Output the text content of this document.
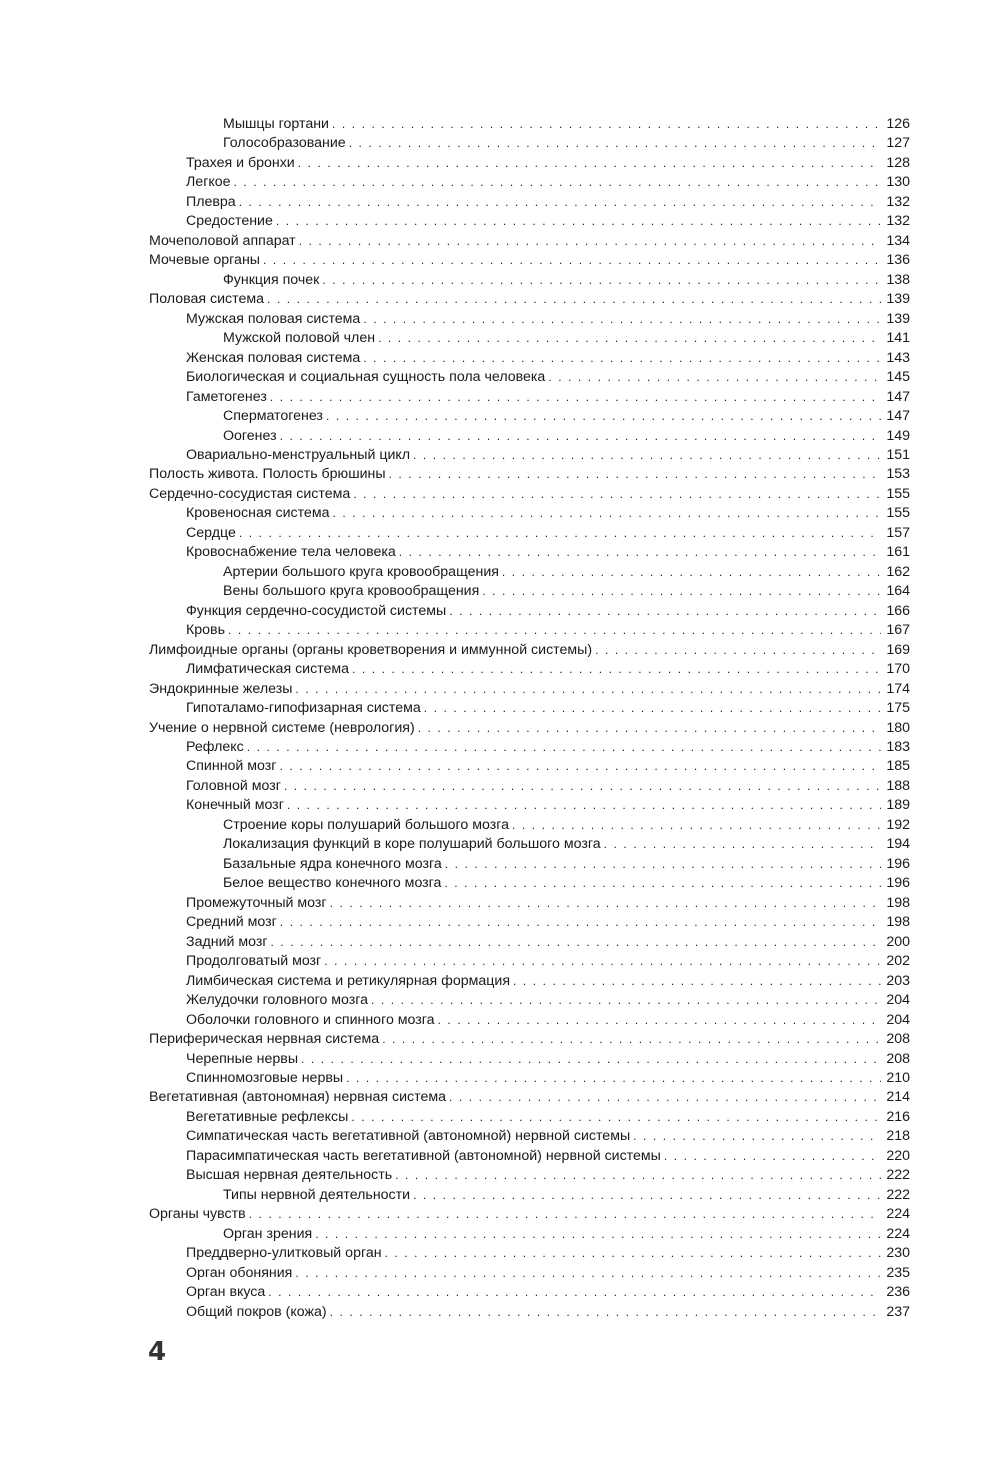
Мышцы гортани . . .	126
Голособразование . . .	127
Трахея и бронхи . . .	128
Легкое . . .	130
Плевра . . .	132
Средостение . . .	132
Мочеполовой аппарат . . .	134
Мочевые органы . . .	136
Функция почек . . .	138
Половая система . . .	139
Мужская половая система . . .	139
Мужской половой член . . .	141
Женская половая система . . .	143
Биологическая и социальная сущность пола человека . . .	145
Гаметогенез . . .	147
Сперматогенез . . .	147
Оогенез . . .	149
Овариально-менструальный цикл . . .	151
Полость живота. Полость брюшины . . .	153
Сердечно-сосудистая система . . .	155
Кровеносная система . . .	155
Сердце . . .	157
Кровоснабжение тела человека . . .	161
Артерии большого круга кровообращения . . .	162
Вены большого круга кровообращения . . .	164
Функция сердечно-сосудистой системы . . .	166
Кровь . . .	167
Лимфоидные органы (органы кроветворения и иммунной системы) . . .	169
Лимфатическая система . . .	170
Эндокринные железы . . .	174
Гипоталамо-гипофизарная система . . .	175
Учение о нервной системе (неврология) . . .	180
Рефлекс . . .	183
Спинной мозг . . .	185
Головной мозг . . .	188
Конечный мозг . . .	189
Строение коры полушарий большого мозга . . .	192
Локализация функций в коре полушарий большого мозга . . .	194
Базальные ядра конечного мозга . . .	196
Белое вещество конечного мозга . . .	196
Промежуточный мозг . . .	198
Средний мозг . . .	198
Задний мозг . . .	200
Продолговатый мозг . . .	202
Лимбическая система и ретикулярная формация . . .	203
Желудочки головного мозга . . .	204
Оболочки головного и спинного мозга . . .	204
Периферическая нервная система . . .	208
Черепные нервы . . .	208
Спинномозговые нервы . . .	210
Вегетативная (автономная) нервная система . . .	214
Вегетативные рефлексы . . .	216
Симпатическая часть вегетативной (автономной) нервной системы . . .	218
Парасимпатическая часть вегетативной (автономной) нервной системы . . .	220
Высшая нервная деятельность . . .	222
Типы нервной деятельности . . .	222
Органы чувств . . .	224
Орган зрения . . .	224
Преддверно-улитковый орган . . .	230
Орган обоняния . . .	235
Орган вкуса . . .	236
Общий покров (кожа) . . .	237
4
